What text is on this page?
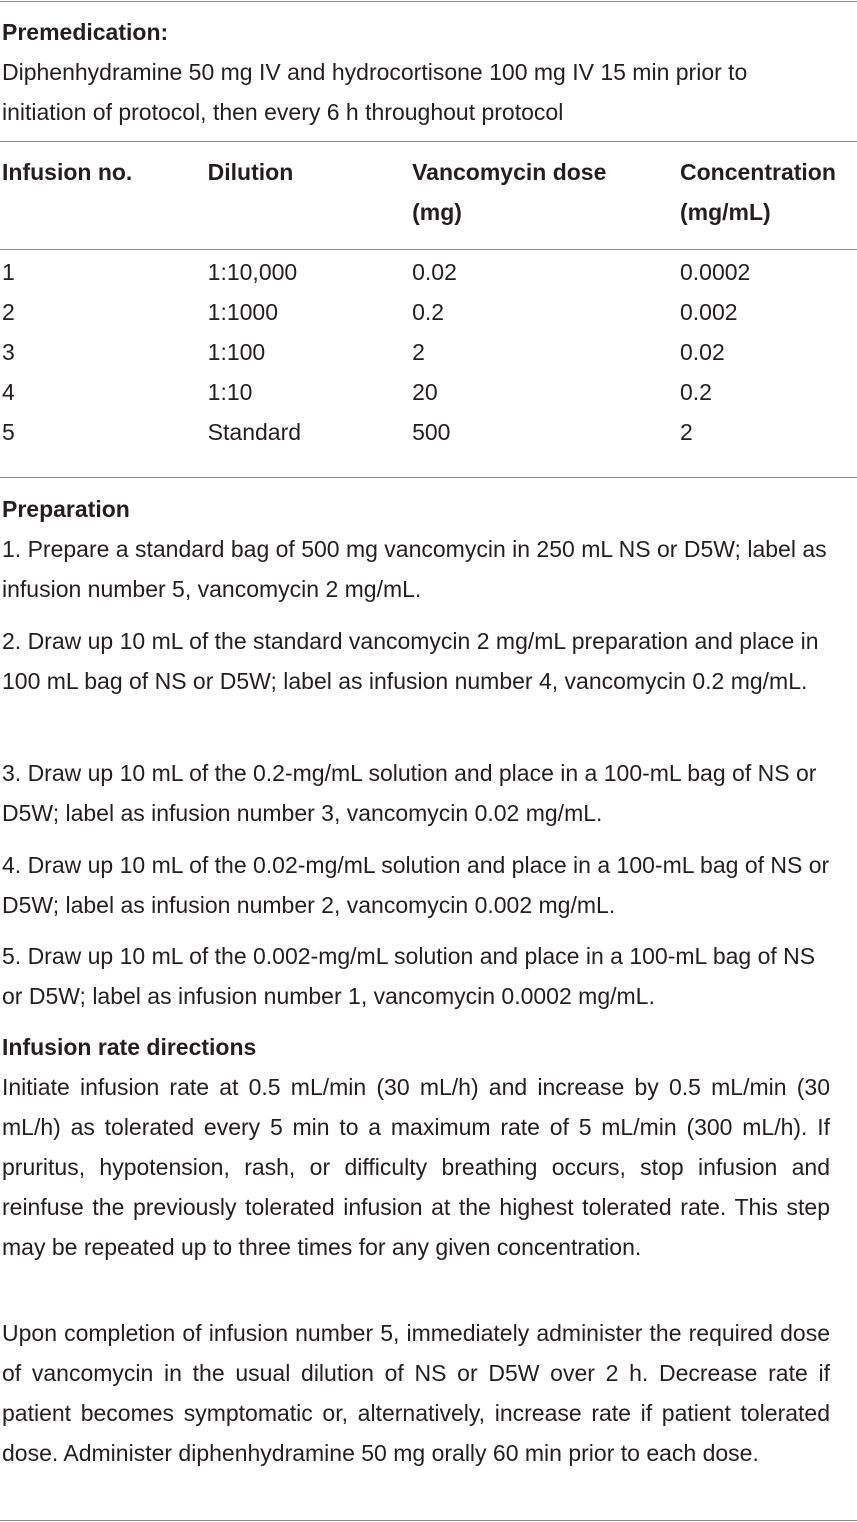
Premedication:

Diphenhydramine 50 mg IV and hydrocortisone 100 mg IV 15 min prior to initiation of protocol, then every 6 h throughout protocol

Infusion no.	Dilution	Vancomycin dose (mg)	Concentration (mg/mL)
1	1:10,000	0.02	0.0002
2	1:1000	0.2	0.002
3	1:100	2	0.02
4	1:10	20	0.2
5	Standard	500	2

Preparation

1. Prepare a standard bag of 500 mg vancomycin in 250 mL NS or D5W; label as infusion number 5, vancomycin 2 mg/mL.

2. Draw up 10 mL of the standard vancomycin 2 mg/mL preparation and place in 100 mL bag of NS or D5W; label as infusion number 4, vancomycin 0.2 mg/mL.

3. Draw up 10 mL of the 0.2-mg/mL solution and place in a 100-mL bag of NS or D5W; label as infusion number 3, vancomycin 0.02 mg/mL.

4. Draw up 10 mL of the 0.02-mg/mL solution and place in a 100-mL bag of NS or D5W; label as infusion number 2, vancomycin 0.002 mg/mL.

5. Draw up 10 mL of the 0.002-mg/mL solution and place in a 100-mL bag of NS or D5W; label as infusion number 1, vancomycin 0.0002 mg/mL.

Infusion rate directions

Initiate infusion rate at 0.5 mL/min (30 mL/h) and increase by 0.5 mL/min (30 mL/h) as tolerated every 5 min to a maximum rate of 5 mL/min (300 mL/h). If pruritus, hypotension, rash, or difficulty breathing occurs, stop infusion and reinfuse the previously tolerated infusion at the highest tolerated rate. This step may be repeated up to three times for any given concentration.

Upon completion of infusion number 5, immediately administer the required dose of vancomycin in the usual dilution of NS or D5W over 2 h. Decrease rate if patient becomes symptomatic or, alternatively, increase rate if patient tolerated dose. Administer diphenhydramine 50 mg orally 60 min prior to each dose.
